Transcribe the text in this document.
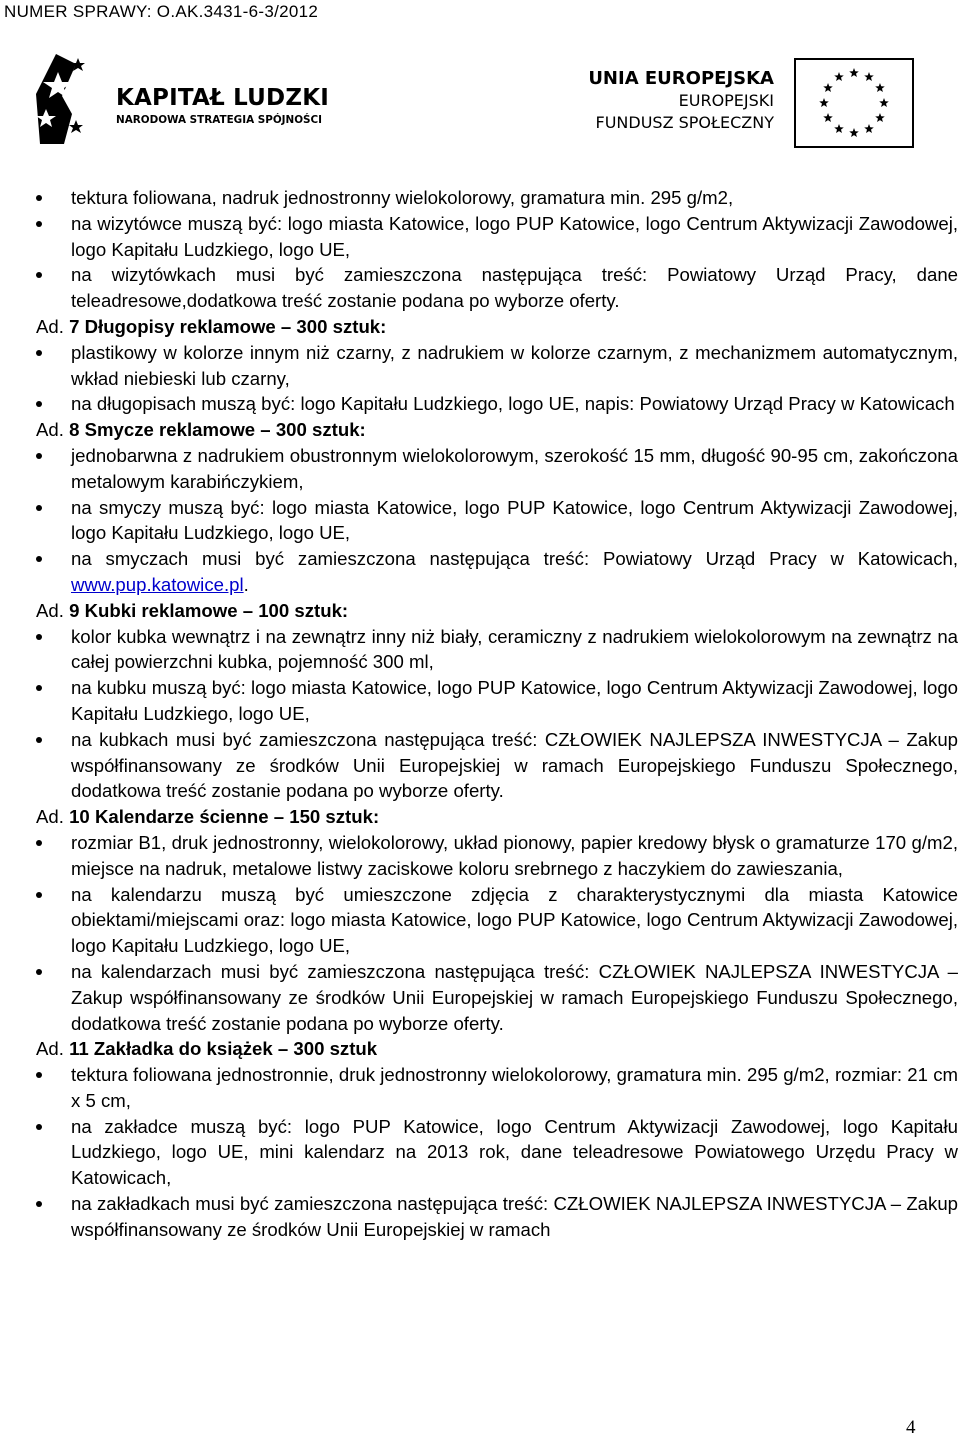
NUMER SPRAWY: O.AK.3431-6-3/2012
KAPITAŁ LUDZKI
NARODOWA STRATEGIA SPÓJNOŚCI
UNIA EUROPEJSKA
EUROPEJSKI
FUNDUSZ SPOŁECZNY
tektura foliowana, nadruk jednostronny wielokolorowy, gramatura min. 295 g/m2,
na wizytówce muszą być: logo miasta Katowice, logo PUP Katowice, logo Centrum Aktywizacji Zawodowej, logo Kapitału Ludzkiego, logo UE,
na wizytówkach musi być zamieszczona następująca treść: Powiatowy Urząd Pracy, dane teleadresowe,dodatkowa treść zostanie podana po wyborze oferty.

Ad. 7 Długopisy reklamowe – 300 sztuk:

plastikowy w kolorze innym niż czarny, z nadrukiem w kolorze czarnym, z mechanizmem automatycznym, wkład niebieski lub czarny,
na długopisach muszą być: logo Kapitału Ludzkiego, logo UE, napis: Powiatowy Urząd Pracy w Katowicach

Ad. 8 Smycze reklamowe – 300 sztuk:

jednobarwna z nadrukiem obustronnym wielokolorowym, szerokość 15 mm, długość 90-95 cm, zakończona metalowym karabińczykiem,
na smyczy muszą być: logo miasta Katowice, logo PUP Katowice, logo Centrum Aktywizacji Zawodowej, logo Kapitału Ludzkiego, logo UE,
na smyczach musi być zamieszczona następująca treść: Powiatowy Urząd Pracy w Katowicach, www.pup.katowice.pl.

Ad. 9 Kubki reklamowe – 100 sztuk:

kolor kubka wewnątrz i na zewnątrz inny niż biały, ceramiczny z nadrukiem wielokolorowym na zewnątrz na całej powierzchni kubka, pojemność 300 ml,
na kubku muszą być: logo miasta Katowice, logo PUP Katowice, logo Centrum Aktywizacji Zawodowej, logo Kapitału Ludzkiego, logo UE,
na kubkach musi być zamieszczona następująca treść: CZŁOWIEK NAJLEPSZA INWESTYCJA – Zakup współfinansowany ze środków Unii Europejskiej w ramach Europejskiego Funduszu Społecznego, dodatkowa treść zostanie podana po wyborze oferty.

Ad. 10 Kalendarze ścienne – 150 sztuk:

rozmiar B1, druk jednostronny, wielokolorowy, układ pionowy, papier kredowy błysk o gramaturze 170 g/m2, miejsce na nadruk, metalowe listwy zaciskowe koloru srebrnego z haczykiem do zawieszania,
na kalendarzu muszą być umieszczone zdjęcia z charakterystycznymi dla miasta Katowice obiektami/miejscami oraz: logo miasta Katowice, logo PUP Katowice, logo Centrum Aktywizacji Zawodowej, logo Kapitału Ludzkiego, logo UE,
na kalendarzach musi być zamieszczona następująca treść: CZŁOWIEK NAJLEPSZA INWESTYCJA – Zakup współfinansowany ze środków Unii Europejskiej w ramach Europejskiego Funduszu Społecznego, dodatkowa treść zostanie podana po wyborze oferty.

Ad. 11 Zakładka do książek – 300 sztuk

tektura foliowana jednostronnie, druk jednostronny wielokolorowy, gramatura min. 295 g/m2, rozmiar: 21 cm x 5 cm,
na zakładce muszą być: logo PUP Katowice, logo Centrum Aktywizacji Zawodowej, logo Kapitału Ludzkiego, logo UE, mini kalendarz na 2013 rok, dane teleadresowe Powiatowego Urzędu Pracy w Katowicach,
na zakładkach musi być zamieszczona następująca treść: CZŁOWIEK NAJLEPSZA INWESTYCJA – Zakup współfinansowany ze środków Unii Europejskiej w ramach
4
